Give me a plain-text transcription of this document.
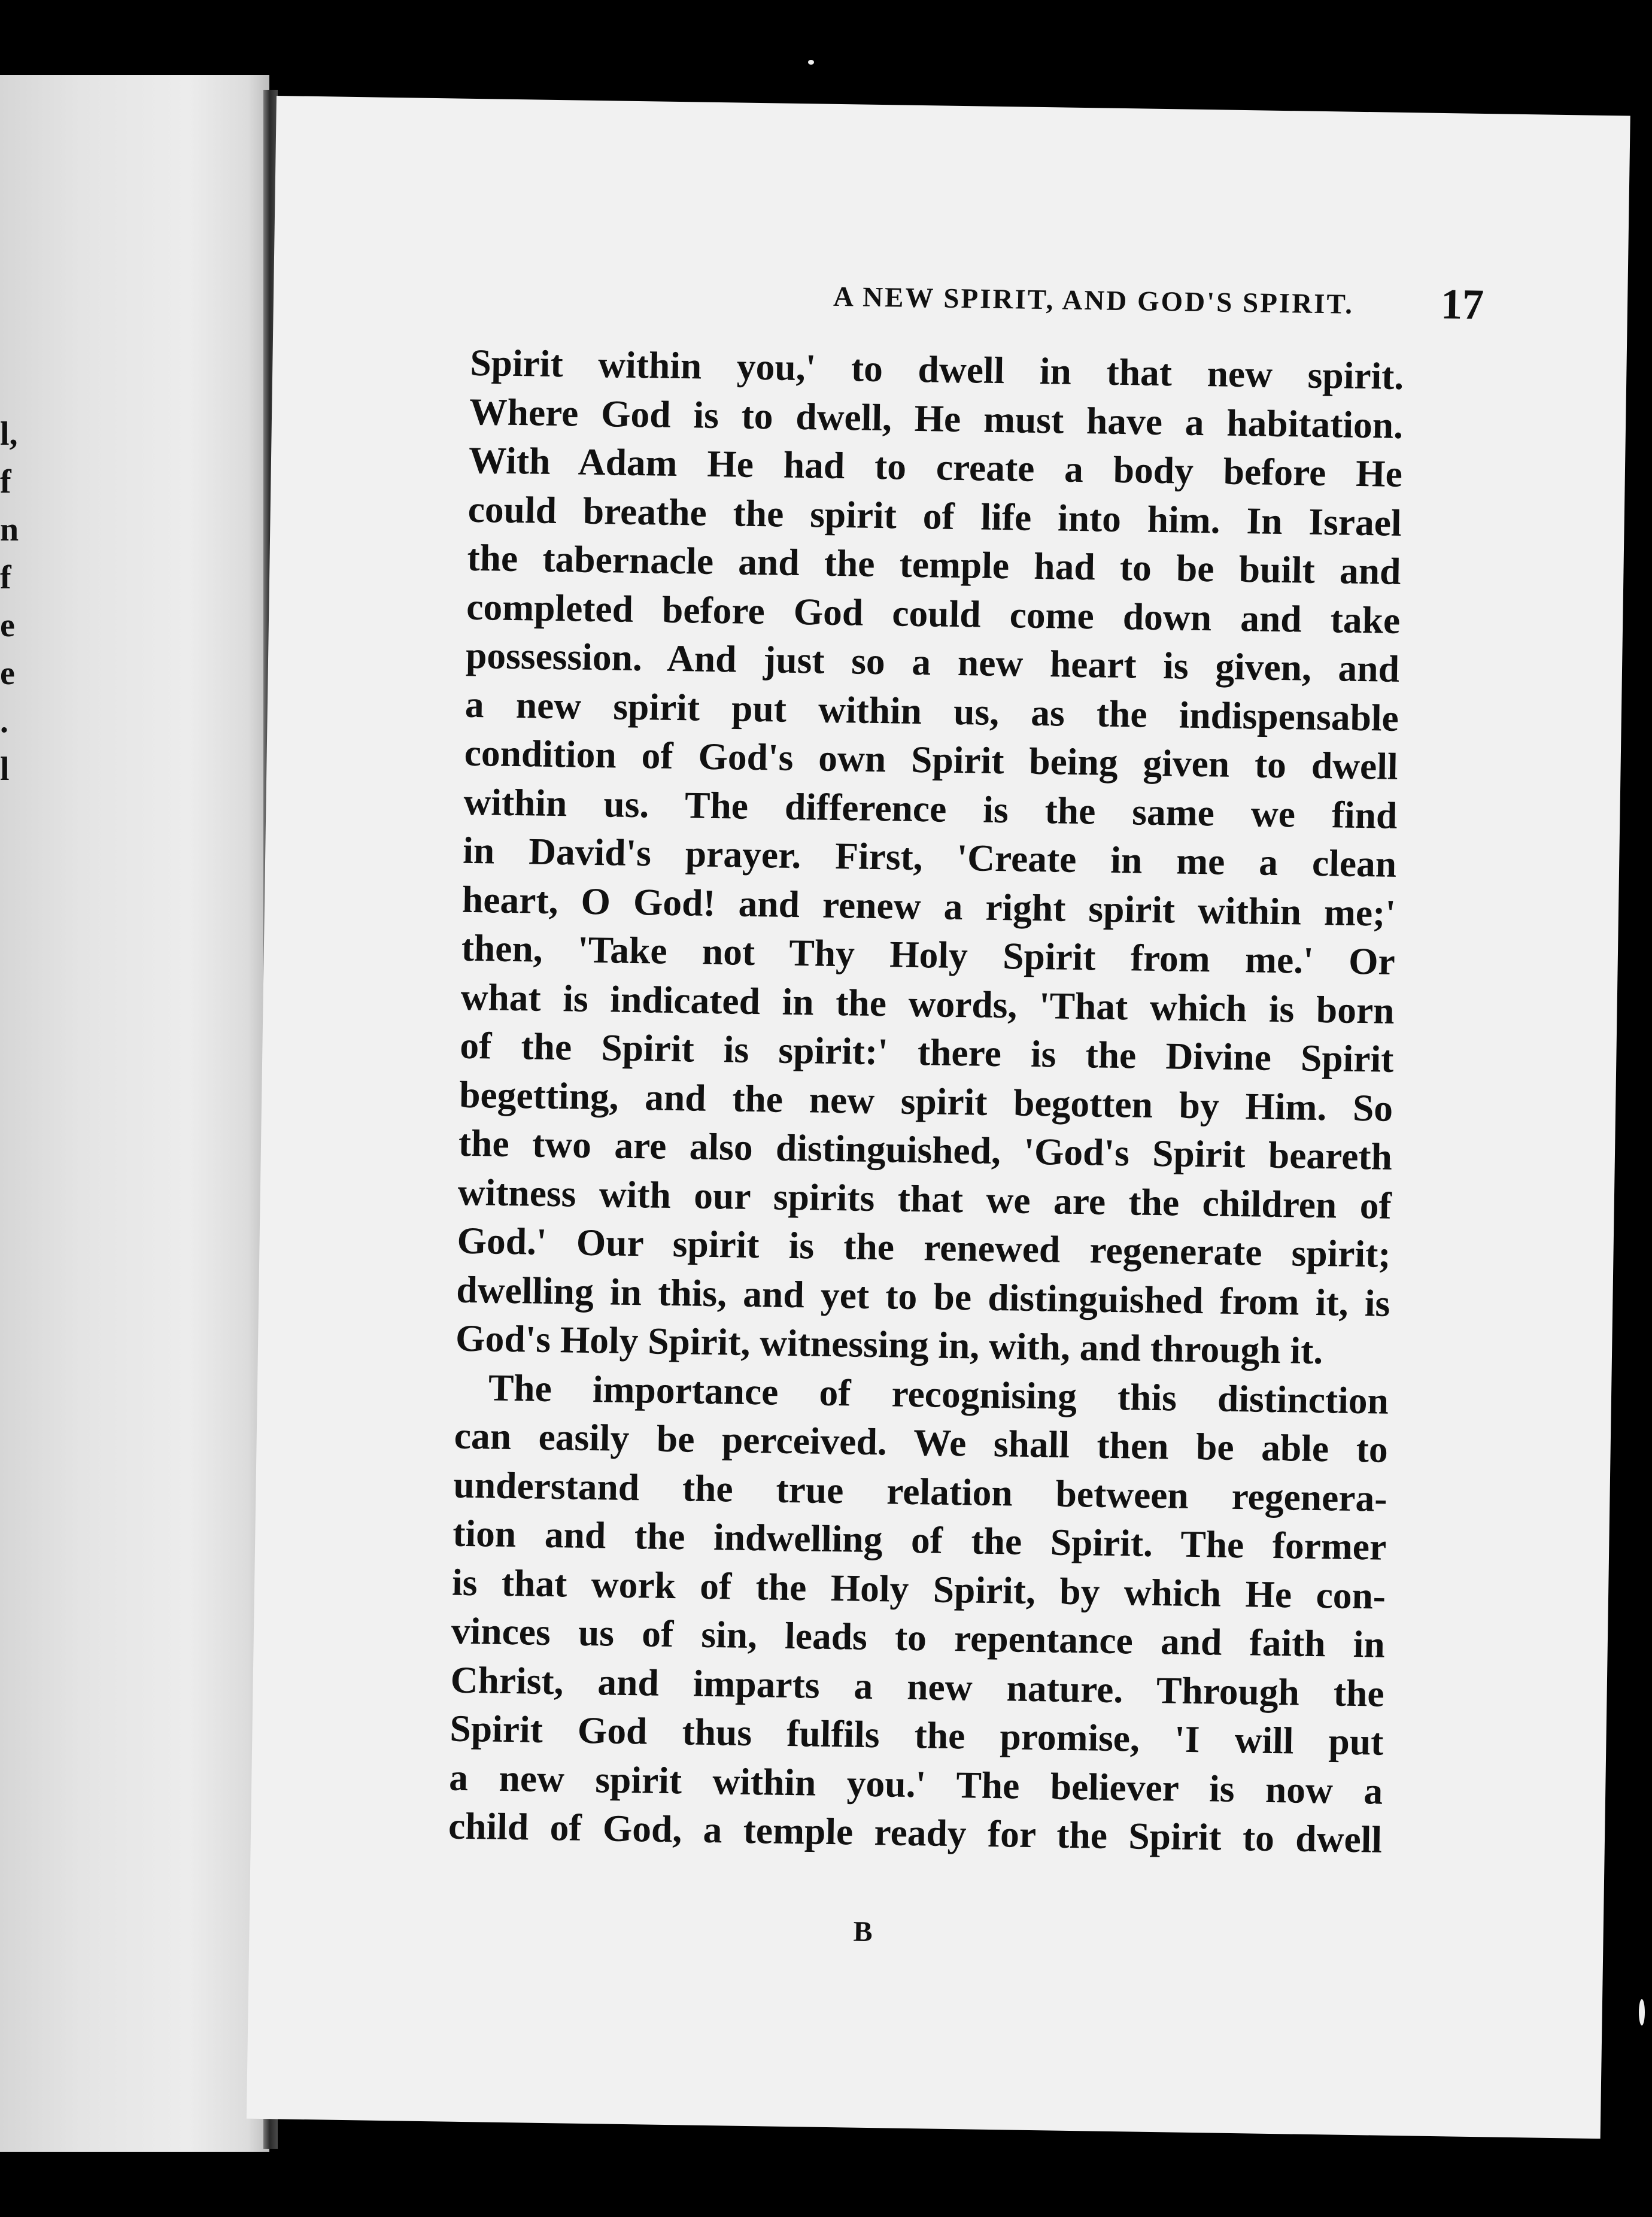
l,
f
n
f
e
e
.
l
A NEW SPIRIT, AND GOD'S SPIRIT.	17
Spirit within you,' to dwell in that new spirit.
Where God is to dwell, He must have a habitation.
With Adam He had to create a body before He
could breathe the spirit of life into him. In Israel
the tabernacle and the temple had to be built and
completed before God could come down and take
possession. And just so a new heart is given, and
a new spirit put within us, as the indispensable
condition of God's own Spirit being given to dwell
within us. The difference is the same we find
in David's prayer. First, 'Create in me a clean
heart, O God! and renew a right spirit within me;'
then, 'Take not Thy Holy Spirit from me.' Or
what is indicated in the words, 'That which is born
of the Spirit is spirit:' there is the Divine Spirit
begetting, and the new spirit begotten by Him. So
the two are also distinguished, 'God's Spirit beareth
witness with our spirits that we are the children of
God.' Our spirit is the renewed regenerate spirit;
dwelling in this, and yet to be distinguished from it, is
God's Holy Spirit, witnessing in, with, and through it.
The importance of recognising this distinction
can easily be perceived. We shall then be able to
understand the true relation between regenera-
tion and the indwelling of the Spirit. The former
is that work of the Holy Spirit, by which He con-
vinces us of sin, leads to repentance and faith in
Christ, and imparts a new nature. Through the
Spirit God thus fulfils the promise, 'I will put
a new spirit within you.' The believer is now a
child of God, a temple ready for the Spirit to dwell
B
